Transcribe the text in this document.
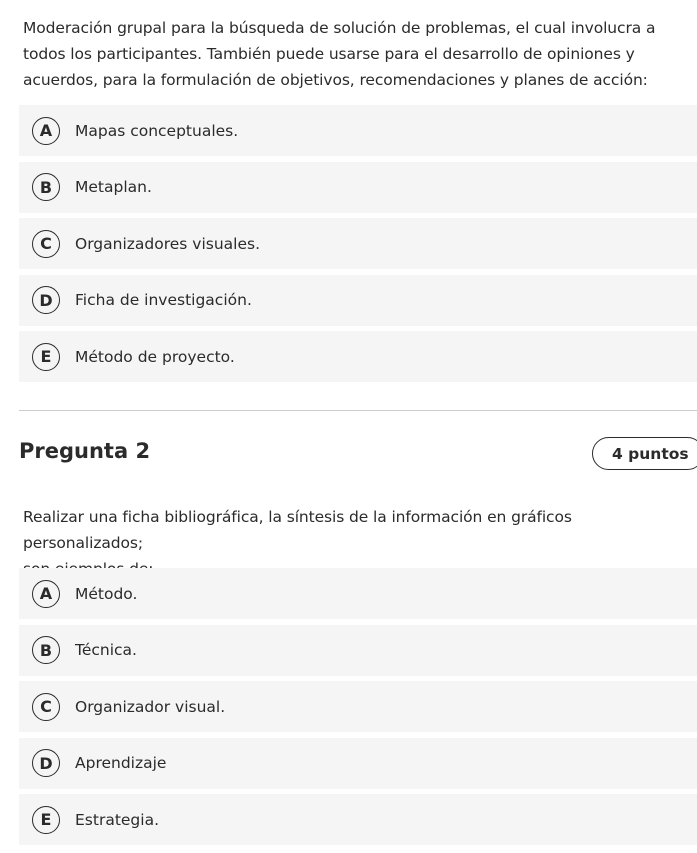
Moderación grupal para la búsqueda de solución de problemas, el cual involucra a
todos los participantes. También puede usarse para el desarrollo de opiniones y
acuerdos, para la formulación de objetivos, recomendaciones y planes de acción:

A	Mapas conceptuales.
B	Metaplan.
C	Organizadores visuales.
D	Ficha de investigación.
E	Método de proyecto.
Pregunta 2	4 puntos

Realizar una ficha bibliográfica, la síntesis de la información en gráficos personalizados;

A	Método.
B	Técnica.
C	Organizador visual.
D	Aprendizaje
E	Estrategia.
